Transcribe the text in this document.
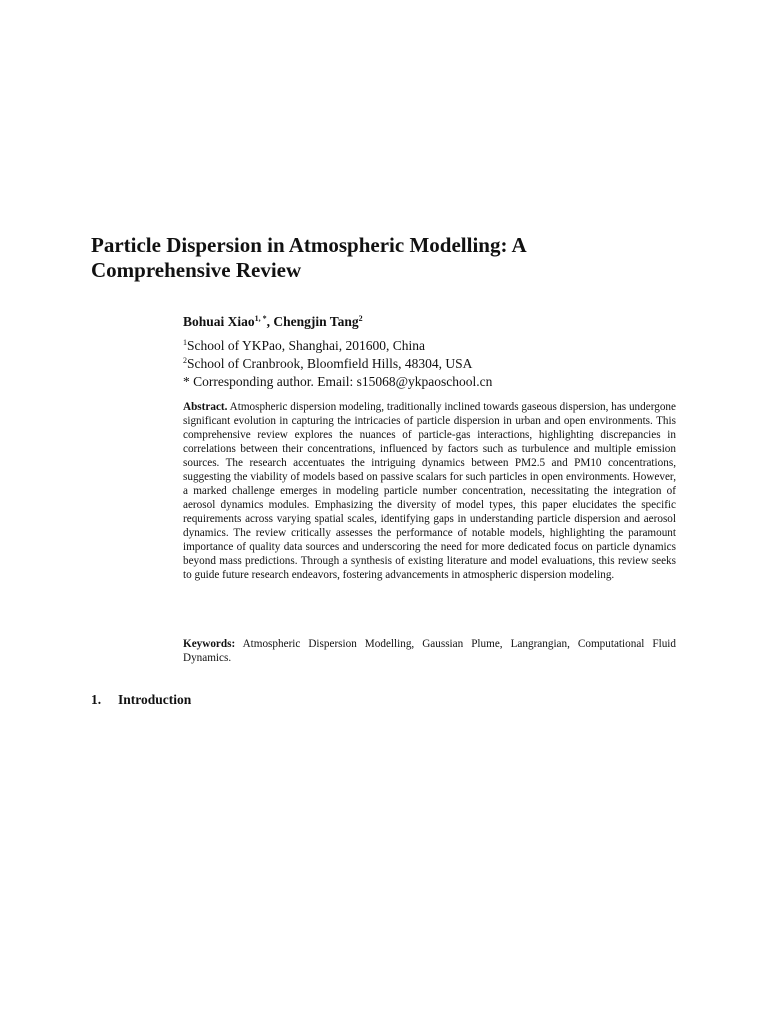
Particle Dispersion in Atmospheric Modelling: A
Comprehensive Review

Bohuai Xiao$^{1, *}$, Chengjin Tang$^2$

$^1$School of YKPao, Shanghai, 201600, China
$^2$School of Cranbrook, Bloomfield Hills, 48304, USA
* Corresponding author. Email: s15068@ykpaoschool.cn

Abstract. Atmospheric dispersion modeling, traditionally inclined towards gaseous dispersion, has undergone significant evolution in capturing the intricacies of particle dispersion in urban and open environments. This comprehensive review explores the nuances of particle-gas interactions, highlighting discrepancies in correlations between their concentrations, influenced by factors such as turbulence and multiple emission sources. The research accentuates the intriguing dynamics between PM2.5 and PM10 concentrations, suggesting the viability of models based on passive scalars for such particles in open environments. However, a marked challenge emerges in modeling particle number concentration, necessitating the integration of aerosol dynamics modules. Emphasizing the diversity of model types, this paper elucidates the specific requirements across varying spatial scales, identifying gaps in understanding particle dispersion and aerosol dynamics. The review critically assesses the performance of notable models, highlighting the paramount importance of quality data sources and underscoring the need for more dedicated focus on particle dynamics beyond mass predictions. Through a synthesis of existing literature and model evaluations, this review seeks to guide future research endeavors, fostering advancements in atmospheric dispersion modeling.

Keywords: Atmospheric Dispersion Modelling, Gaussian Plume, Langrangian, Computational Fluid Dynamics.

1. Introduction
